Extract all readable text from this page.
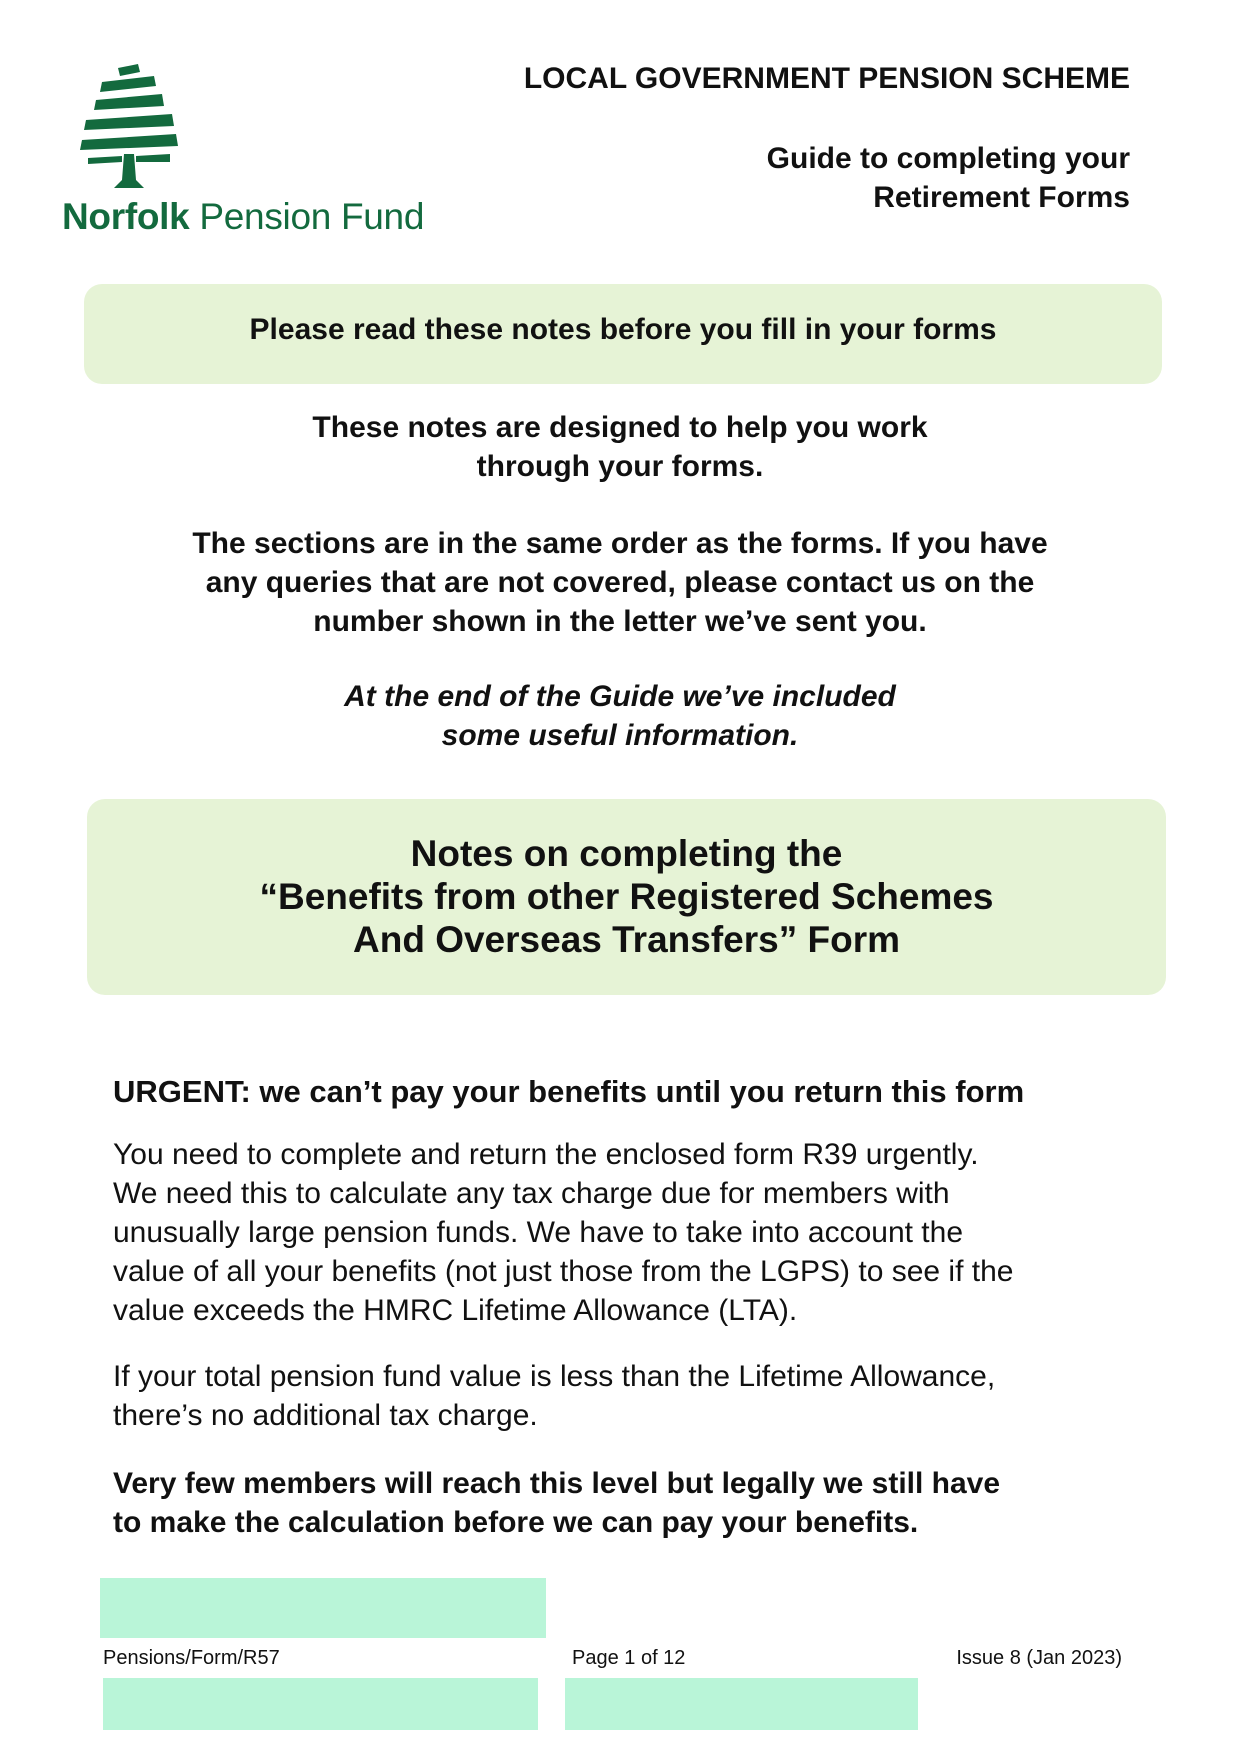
Norfolk Pension Fund
LOCAL GOVERNMENT PENSION SCHEME
Guide to completing your
Retirement Forms
Please read these notes before you fill in your forms
These notes are designed to help you work
through your forms.
The sections are in the same order as the forms. If you have
any queries that are not covered, please contact us on the
number shown in the letter we’ve sent you.
At the end of the Guide we’ve included
some useful information.
Notes on completing the
“Benefits from other Registered Schemes
And Overseas Transfers” Form
URGENT: we can’t pay your benefits until you return this form
You need to complete and return the enclosed form R39 urgently.
We need this to calculate any tax charge due for members with
unusually large pension funds. We have to take into account the
value of all your benefits (not just those from the LGPS) to see if the
value exceeds the HMRC Lifetime Allowance (LTA).
If your total pension fund value is less than the Lifetime Allowance,
there’s no additional tax charge.
Very few members will reach this level but legally we still have
to make the calculation before we can pay your benefits.
Pensions/Form/R57	Page 1 of 12	Issue 8 (Jan 2023)
